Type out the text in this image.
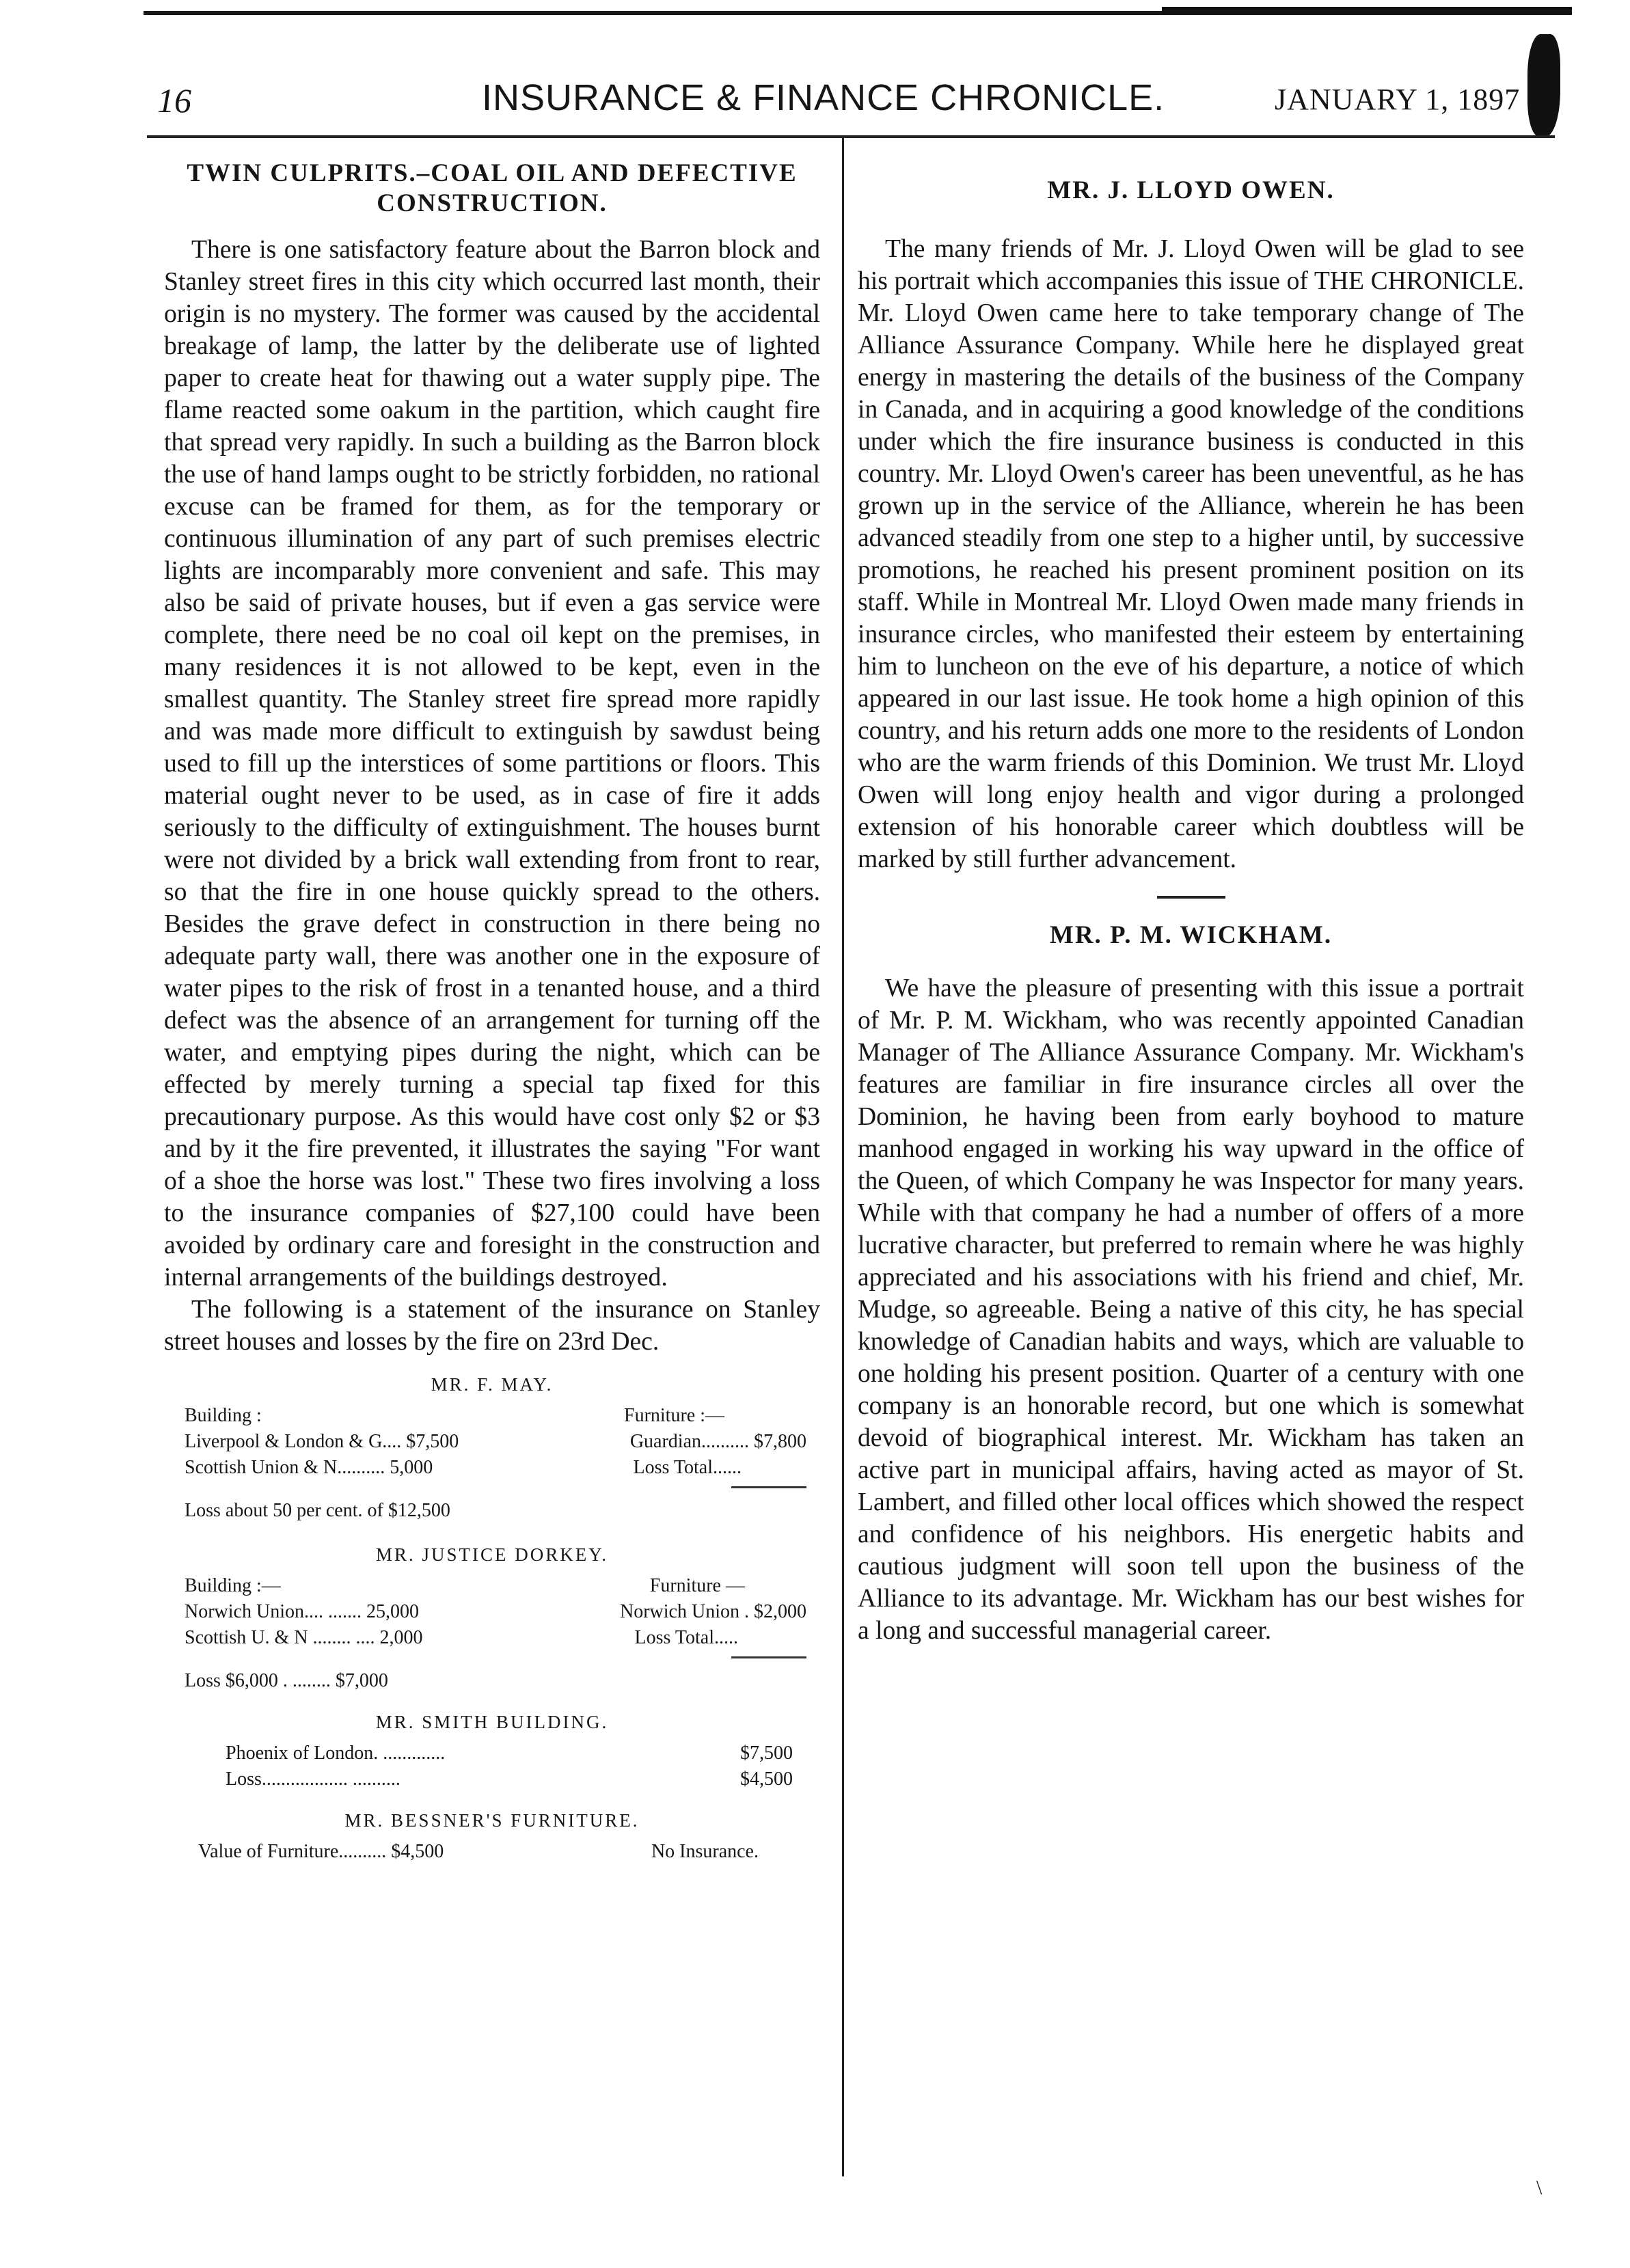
16	INSURANCE & FINANCE CHRONICLE.	JANUARY 1, 1897
TWIN CULPRITS.–COAL OIL AND DEFECTIVE CONSTRUCTION.

There is one satisfactory feature about the Barron block and Stanley street fires in this city which occurred last month, their origin is no mystery. The former was caused by the accidental breakage of lamp, the latter by the deliberate use of lighted paper to create heat for thawing out a water supply pipe. The flame reacted some oakum in the partition, which caught fire that spread very rapidly. In such a building as the Barron block the use of hand lamps ought to be strictly forbidden, no rational excuse can be framed for them, as for the temporary or continuous illumination of any part of such premises electric lights are incomparably more convenient and safe. This may also be said of private houses, but if even a gas service were complete, there need be no coal oil kept on the premises, in many residences it is not allowed to be kept, even in the smallest quantity. The Stanley street fire spread more rapidly and was made more difficult to extinguish by sawdust being used to fill up the interstices of some partitions or floors. This material ought never to be used, as in case of fire it adds seriously to the difficulty of extinguishment. The houses burnt were not divided by a brick wall extending from front to rear, so that the fire in one house quickly spread to the others. Besides the grave defect in construction in there being no adequate party wall, there was another one in the exposure of water pipes to the risk of frost in a tenanted house, and a third defect was the absence of an arrangement for turning off the water, and emptying pipes during the night, which can be effected by merely turning a special tap fixed for this precautionary purpose. As this would have cost only $2 or $3 and by it the fire prevented, it illustrates the saying "For want of a shoe the horse was lost." These two fires involving a loss to the insurance companies of $27,100 could have been avoided by ordinary care and foresight in the construction and internal arrangements of the buildings destroyed.

The following is a statement of the insurance on Stanley street houses and losses by the fire on 23rd Dec.

MR. F. MAY.
Building :	Furniture :—
Liverpool & London & G.... $7,500	Guardian.......... $7,800
Scottish Union & N.......... 5,000	Loss Total......
Loss about 50 per cent. of $12,500
MR. JUSTICE DORKEY.
Building :—	Furniture —
Norwich Union.... ....... 25,000	Norwich Union . $2,000
Scottish U. & N ........ .... 2,000	Loss Total.....
Loss $6,000 . ........ $7,000
MR. SMITH BUILDING.
Phoenix of London. .............	$7,500
Loss.................. ..........	$4,500
MR. BESSNER'S FURNITURE.
Value of Furniture.......... $4,500	No Insurance.
MR. J. LLOYD OWEN.

The many friends of Mr. J. Lloyd Owen will be glad to see his portrait which accompanies this issue of THE CHRONICLE. Mr. Lloyd Owen came here to take temporary change of The Alliance Assurance Company. While here he displayed great energy in mastering the details of the business of the Company in Canada, and in acquiring a good knowledge of the conditions under which the fire insurance business is conducted in this country. Mr. Lloyd Owen's career has been uneventful, as he has grown up in the service of the Alliance, wherein he has been advanced steadily from one step to a higher until, by successive promotions, he reached his present prominent position on its staff. While in Montreal Mr. Lloyd Owen made many friends in insurance circles, who manifested their esteem by entertaining him to luncheon on the eve of his departure, a notice of which appeared in our last issue. He took home a high opinion of this country, and his return adds one more to the residents of London who are the warm friends of this Dominion. We trust Mr. Lloyd Owen will long enjoy health and vigor during a prolonged extension of his honorable career which doubtless will be marked by still further advancement.

MR. P. M. WICKHAM.

We have the pleasure of presenting with this issue a portrait of Mr. P. M. Wickham, who was recently appointed Canadian Manager of The Alliance Assurance Company. Mr. Wickham's features are familiar in fire insurance circles all over the Dominion, he having been from early boyhood to mature manhood engaged in working his way upward in the office of the Queen, of which Company he was Inspector for many years. While with that company he had a number of offers of a more lucrative character, but preferred to remain where he was highly appreciated and his associations with his friend and chief, Mr. Mudge, so agreeable. Being a native of this city, he has special knowledge of Canadian habits and ways, which are valuable to one holding his present position. Quarter of a century with one company is an honorable record, but one which is somewhat devoid of biographical interest. Mr. Wickham has taken an active part in municipal affairs, having acted as mayor of St. Lambert, and filled other local offices which showed the respect and confidence of his neighbors. His energetic habits and cautious judgment will soon tell upon the business of the Alliance to its advantage. Mr. Wickham has our best wishes for a long and successful managerial career.

\
